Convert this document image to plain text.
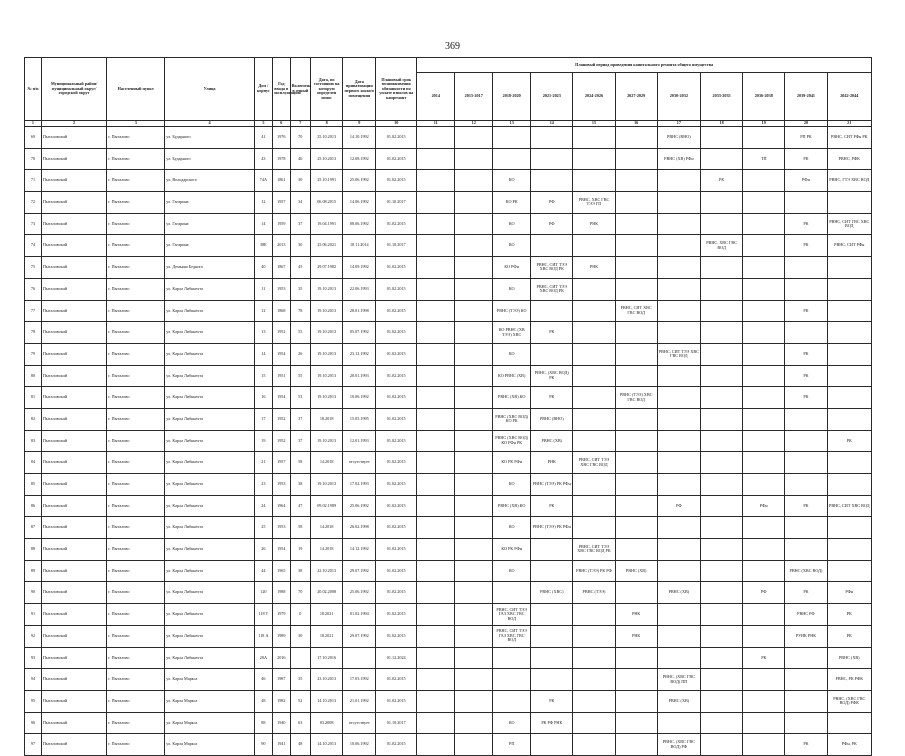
369
№ п/п	Муниципальный район/ муниципальный округ/ городской округ	Населенный пункт	Улица	Дом / корпус	Год ввода в эксплуатацию	Включена в очный	Дата, по состоянию на которую определен износ	Дата приватизации первого жилого помещения	Плановый срок возникновения обязанности по уплате взносов на капремонт	Плановый период проведения капитального ремонта общего имущества										
										2014	2015-2017	2018-2020	2021-2023	2024-2026	2027-2029	2030-2032	2033-2035	2036-2038	2039-2041	2042-2044
1	2	3	4	5	6	7	8	9	10	11	12	13	14	15	16	17	18	19	20	21
69	Пыталовский	г. Пыталово	ул. Бударного	41	1976	70	25.10.2013	14.10.1992	01.02.2015							РВНС (ВНО)			РП РК	РВНС, СИТ РФн РК
70	Пыталовский	г. Пыталово	ул. Бударного	43	1978	46	25.10.2013	12.08.1992	01.02.2015							РВНС (ХВ) РФн		ТП	РК	РВНС, РФК
71	Пыталовский	г. Пыталово	ул. Володарского	74А	1861	30	25.10.1991	25.06.1992	01.02.2015			КО					РК		РФн	РВНС, ГТЭ ХВС ВОД
72	Пыталовский	г. Пыталово	ул. Гагарина	12	1957	34	06.08.2015	14.06.1992	01.10.2017			КО РК	РФ	РВНС, ХВС ГВС ТЭЭ ГП						
73	Пыталовский	г. Пыталово	ул. Гагарина	14	1959	37	19.04.1991	08.06.1992	01.02.2015			КО	РФ	РНК					РК	РВНС, СИТ ГВС ХВС ВОД
74	Пыталовский	г. Пыталово	ул. Гагарина	38Е	2013	30	25.06.2021	18.11.2014	01.10.2017			КО					РВНС, ХВС ГВС ВОД		РК	РВНС, СИТ РФн
75	Пыталовский	г. Пыталово	ул. Демьяна Бедного	40	1867	45	29.07.1982	14.09.1992	01.02.2015			КО РФн	РВНС, СИТ ТЭЭ ХВС ВОД РК	РНК						
76	Пыталовский	г. Пыталово	ул. Карла Либкнехта	11	1953	35	19.10.2013	22.06.1993	01.02.2015			КО	РВНС, СИТ ТЭЭ ХВС ВОД РК							
77	Пыталовский	г. Пыталово	ул. Карла Либкнехта	12	1868	78	19.10.2013	28.01.1998	01.02.2015			РВНС (ТЭЭ) КО			РВНС, СИТ ХВС ГВС ВОД				РК	
78	Пыталовский	г. Пыталово	ул. Карла Либкнехта	13	1952	53	19.10.2013	05.07.1992	01.02.2015			КО РВНС (ХВ ТЭЭ) ХВС	РК							
79	Пыталовский	г. Пыталово	ул. Карла Либкнехта	14	1954	26	19.10.2013	23.12.1992	01.02.2015			КО				РВНС, СИТ ТЭЭ ХВС ГВС ВОД			РК	
80	Пыталовский	г. Пыталово	ул. Карла Либкнехта	15	1951	55	19.10.2013	20.01.1993	01.02.2015			КО РВНС (ХВ)	РВНС, (ХВС ВОД) РК						РК	
81	Пыталовский	г. Пыталово	ул. Карла Либкнехта	16	1954	53	19.10.2013	10.06.1992	01.02.2015			РВНС (ХВ) КО	РК		РВНС (ТЭЭ) ХВС ГВС ВОД				РК	
82	Пыталовский	г. Пыталово	ул. Карла Либкнехта	17	1952	37	18.2018	15.05.1995	01.02.2015			РВНС (ХВС ВОД) КО РК	РВНС (ВНО)							
83	Пыталовский	г. Пыталово	ул. Карла Либкнехта	19	1952	37	19.10.2013	12.01.1993	01.02.2015			РВНС (ХВС ВОД) КО РФн РК	РВНС (ХВ)							РК
84	Пыталовский	г. Пыталово	ул. Карла Либкнехта	21	1957	58	14.2018	отсутствует	01.02.2015			КО РК РФн	РНК	РВНС, СИТ ТЭЭ ХВС ГВС ВОД						
85	Пыталовский	г. Пыталово	ул. Карла Либкнехта	23	1953	38	19.10.2013	17.02.1993	01.02.2015			КО	РВНС (ТЭЭ) РК РФн							
86	Пыталовский	г. Пыталово	ул. Карла Либкнехта	24	1964	47	09.02.1989	25.06.1992	01.02.2015			РВНС (ХВ) КО	РК			РФ		РФн	РК	РВНС, СИТ ХВС ВОД
87	Пыталовский	г. Пыталово	ул. Карла Либкнехта	25	1953	58	14.2018	26.02.1998	01.02.2015			КО	РВНС (ТЭЭ) РК РФн							
88	Пыталовский	г. Пыталово	ул. Карла Либкнехта	26	1954	19	14.2018	14.12.1992	01.02.2015			КО РК РФн		РВНС, СИТ ТЭЭ ХВС ГВС ВОД РК						
89	Пыталовский	г. Пыталово	ул. Карла Либкнехта	44	1965	38	22.10.2013	29.07.1992	01.02.2015			КО		РВНС (ТЭЭ) РК РФ	РВНС (ХВ)				РВНС (ХВС ВОД)	
90	Пыталовский	г. Пыталово	ул. Карла Либкнехта	120	1988	70	20.02.2008	25.06.1992	01.02.2015				РВНС (ХВС)	РВНС (ТЭЭ)		РВНС (ХВ)		РФ	РК	РФн
91	Пыталовский	г. Пыталово	ул. Карла Либкнехта	118 Т	1979	0	18.2021	01.02.1994	01.02.2015			РВНС, СИТ ТЭЭ ГАЗ ХВС ГВС ВОД			РНК				РВНС РФ	РК
92	Пыталовский	г. Пыталово	ул. Карла Либкнехта	118 А	1989	30	18.2021	29.07.1992	01.02.2015			РВНС, СИТ ТЭЭ ГАЗ ХВС ГВС ВОД			РНК				РУНК РНК	РК
93	Пыталовский	г. Пыталово	ул. Карла Либкнехта	20А	2016		17.10.2016		01.12.2024									РК		РВНС (ХВ)
94	Пыталовский	г. Пыталово	ул. Карла Маркса	46	1987	35	23.10.2013	17.03.1992	01.02.2015							РВНС, (ХВС ГВС ВОД) ПП				РВНС, РК РФК
95	Пыталовский	г. Пыталово	ул. Карла Маркса	48	1982	52	14.10.2013	21.01.1992	01.02.2015				РК			РВНС (ХВ)				РВНС, (ХВС ГВС ВОД) РФК
96	Пыталовский	г. Пыталово	ул. Карла Маркса	88	1940	63	03.2008	отсутствует	01.10.2017			КО	РК РФ РНК							
97	Пыталовский	г. Пыталово	ул. Карла Маркса	90	1941	48	14.10.2013	10.06.1992	01.02.2015			РП				РВНС, (ХВС ГВС ВОД) РФ			РК	РФн, РК
